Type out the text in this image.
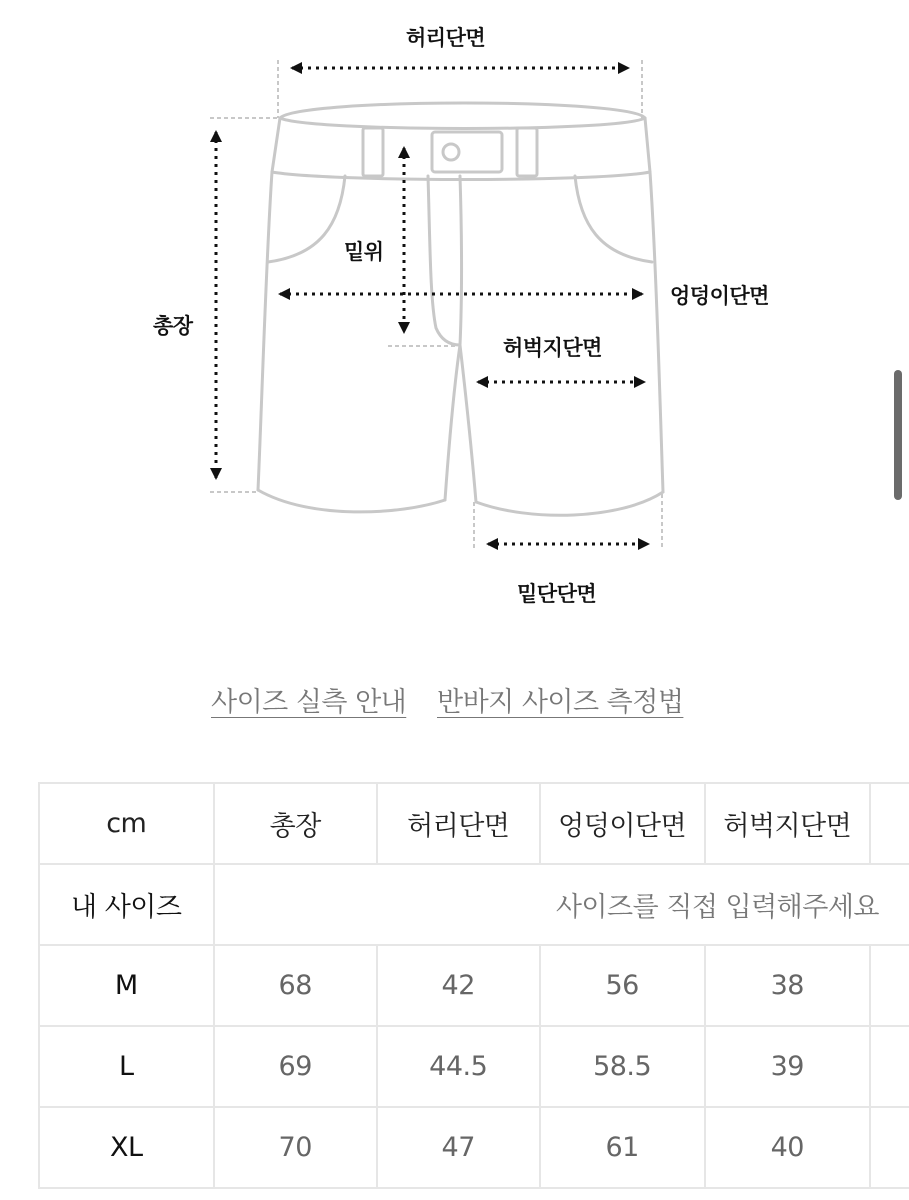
허리단면
밑위
총장
엉덩이단면
허벅지단면
밑단단면
사이즈 실측 안내 반바지 사이즈 측정법
cm	총장	허리단면	엉덩이단면	허벅지단면	
내 사이즈	사이즈를 직접 입력해주세요				
M	68	42	56	38	
L	69	44.5	58.5	39	
XL	70	47	61	40	
